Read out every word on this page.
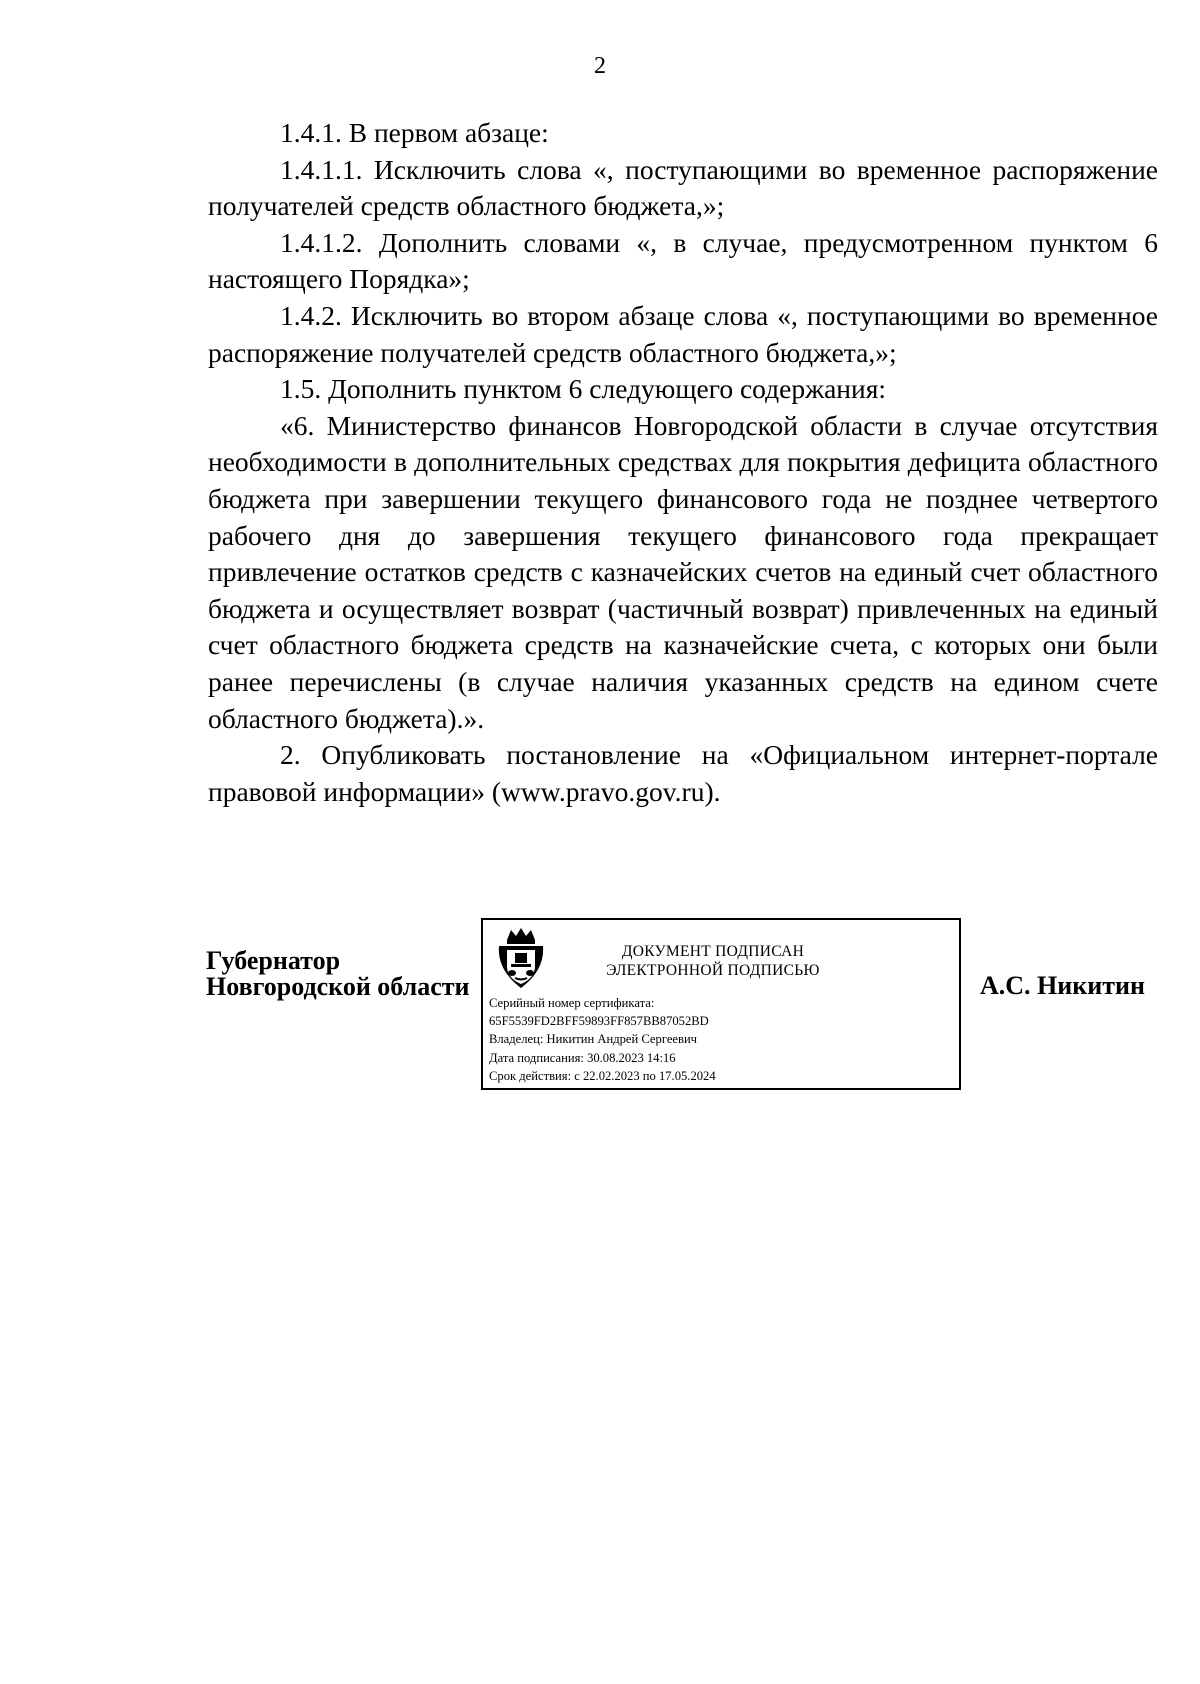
2

1.4.1. В первом абзаце:

1.4.1.1. Исключить слова «, поступающими во временное распоряжение получателей средств областного бюджета,»;

1.4.1.2. Дополнить словами «, в случае, предусмотренном пунктом 6 настоящего Порядка»;

1.4.2. Исключить во втором абзаце слова «, поступающими во временное распоряжение получателей средств областного бюджета,»;

1.5. Дополнить пунктом 6 следующего содержания:

«6. Министерство финансов Новгородской области в случае отсутствия необходимости в дополнительных средствах для покрытия дефицита областного бюджета при завершении текущего финансового года не позднее четвертого рабочего дня до завершения текущего финансового года прекращает привлечение остатков средств с казначейских счетов на единый счет областного бюджета и осуществляет возврат (частичный возврат) привлеченных на единый счет областного бюджета средств на казначейские счета, с которых они были ранее перечислены (в случае наличия указанных средств на едином счете областного бюджета).».

2. Опубликовать постановление на «Официальном интернет-портале правовой информации» (www.pravo.gov.ru).

Губернатор
Новгородской области
ДОКУМЕНТ ПОДПИСАН
ЭЛЕКТРОННОЙ ПОДПИСЬЮ
Серийный номер сертификата:
65F5539FD2BFF59893FF857BB87052BD
Владелец: Никитин Андрей Сергеевич
Дата подписания: 30.08.2023 14:16
Срок действия: с 22.02.2023 по 17.05.2024
А.С. Никитин
